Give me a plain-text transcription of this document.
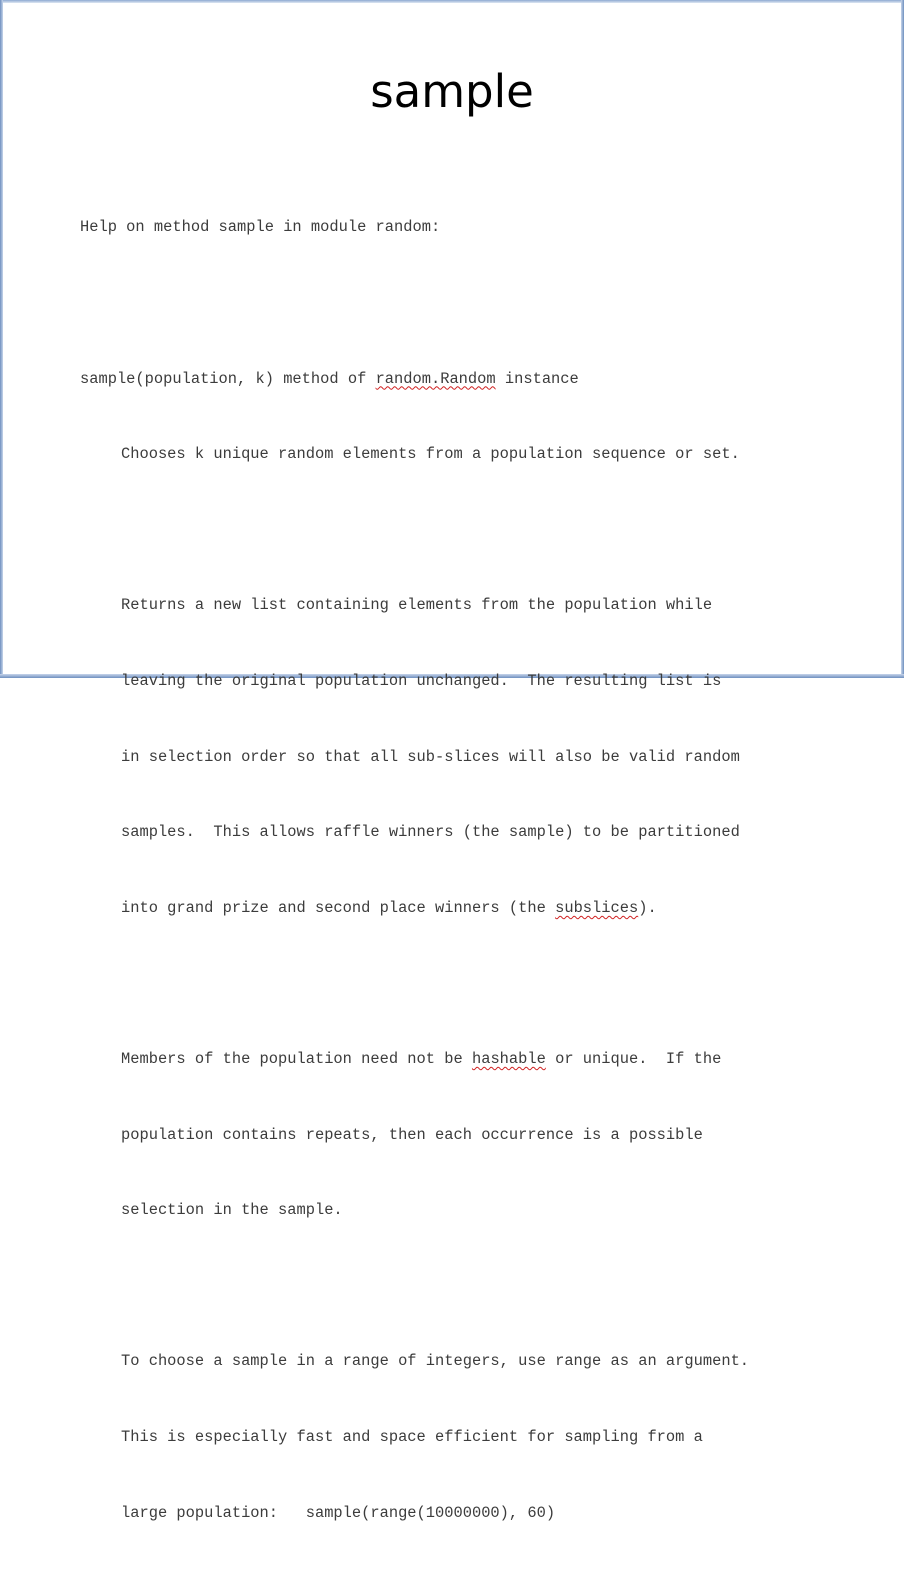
sample

Help on method sample in module random:

sample(population, k) method of random.Random instance

Chooses k unique random elements from a population sequence or set.

Returns a new list containing elements from the population while

leaving the original population unchanged.  The resulting list is

in selection order so that all sub-slices will also be valid random

samples.  This allows raffle winners (the sample) to be partitioned

into grand prize and second place winners (the subslices).

Members of the population need not be hashable or unique.  If the

population contains repeats, then each occurrence is a possible

selection in the sample.

To choose a sample in a range of integers, use range as an argument.

This is especially fast and space efficient for sampling from a

large population:   sample(range(10000000), 60)
